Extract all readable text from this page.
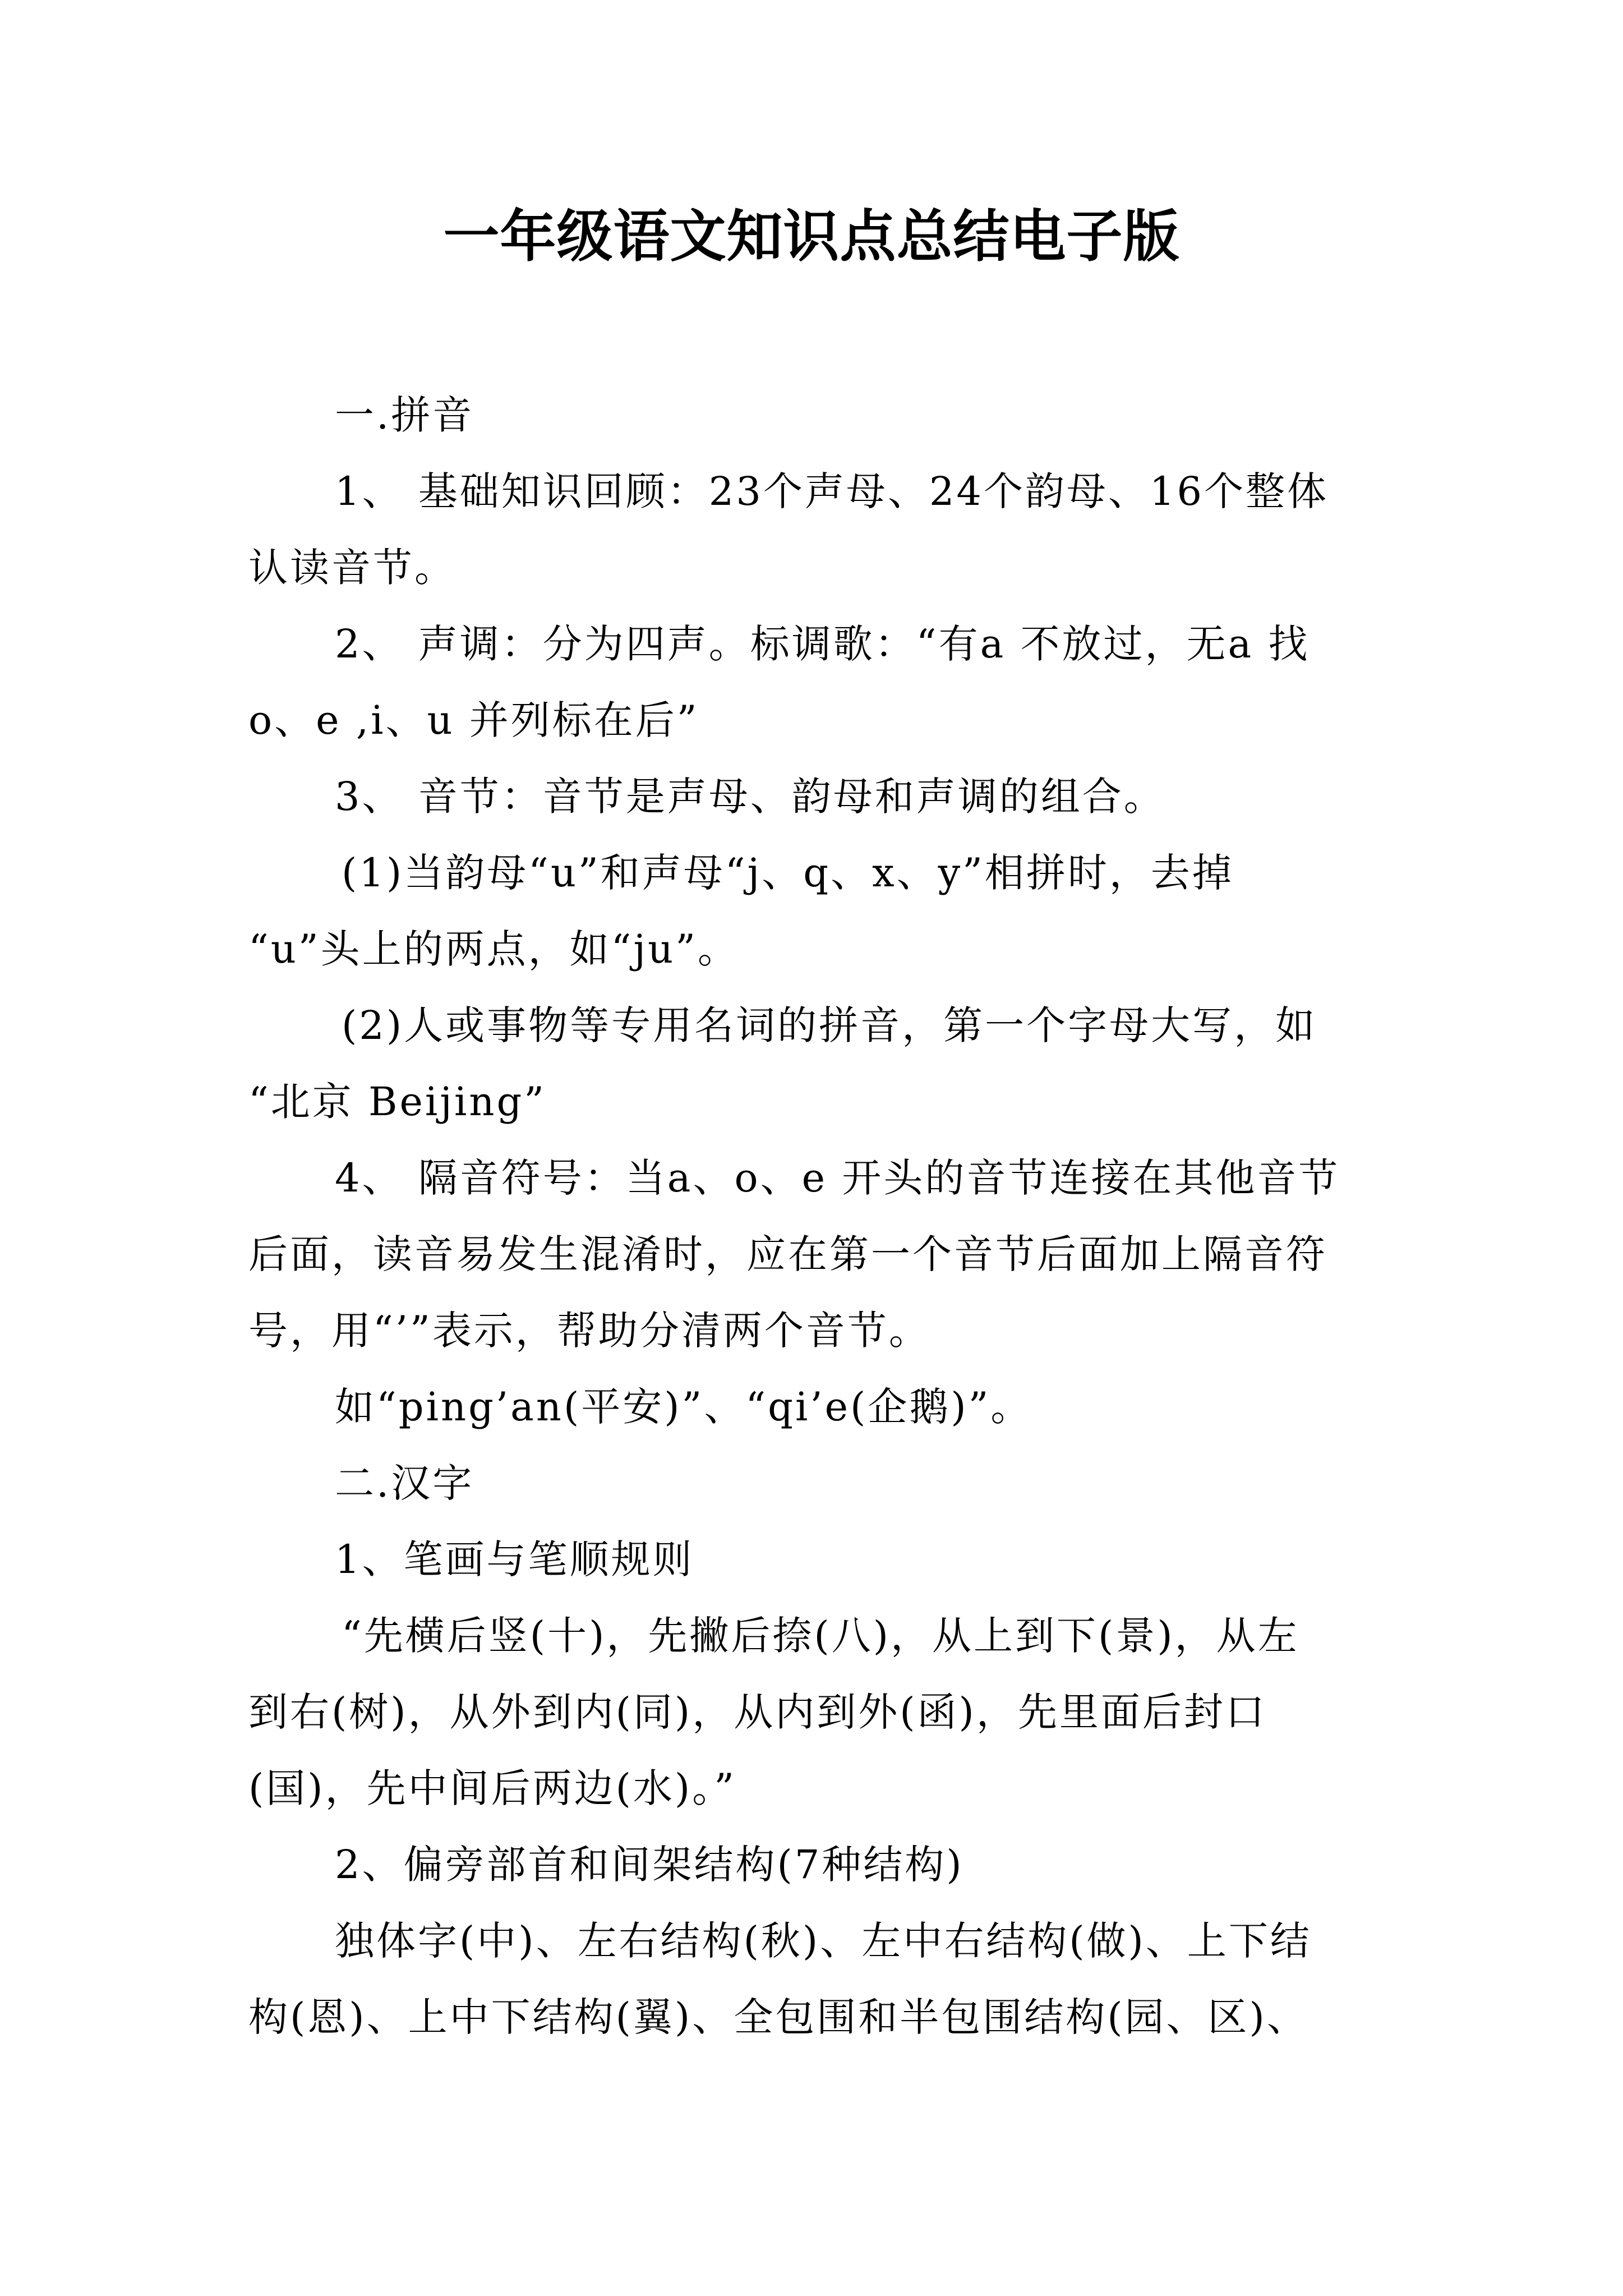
一年级语文知识点总结电子版
一.拼音
1、 基础知识回顾：23个声母、24个韵母、16个整体
认读音节。
2、 声调：分为四声。标调歌：“有a 不放过，无a 找
o、e ,i、u 并列标在后”
3、 音节：音节是声母、韵母和声调的组合。
(1)当韵母“u”和声母“j、q、x、y”相拼时，去掉
“u”头上的两点，如“ju”。
(2)人或事物等专用名词的拼音，第一个字母大写，如
“北京 Beijing”
4、 隔音符号：当a、o、e 开头的音节连接在其他音节
后面，读音易发生混淆时，应在第一个音节后面加上隔音符
号，用“’”表示，帮助分清两个音节。
如“ping’an(平安)”、“qi’e(企鹅)”。
二.汉字
1、笔画与笔顺规则
“先横后竖(十)，先撇后捺(八)，从上到下(景)，从左
到右(树)，从外到内(同)，从内到外(函)，先里面后封口
(国)，先中间后两边(水)。”
2、偏旁部首和间架结构(7种结构)
独体字(中)、左右结构(秋)、左中右结构(做)、上下结
构(恩)、上中下结构(翼)、全包围和半包围结构(园、区)、
